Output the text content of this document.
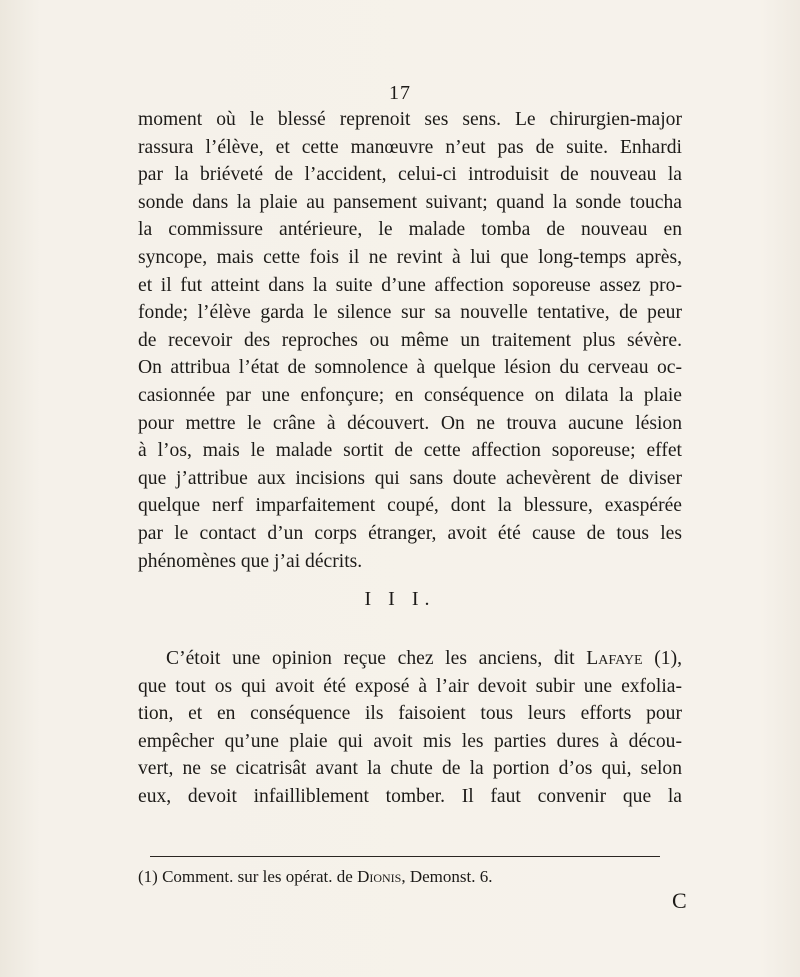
17
moment où le blessé reprenoit ses sens. Le chirurgien-major
rassura l’élève, et cette manœuvre n’eut pas de suite. Enhardi
par la briéveté de l’accident, celui-ci introduisit de nouveau la
sonde dans la plaie au pansement suivant; quand la sonde toucha
la commissure antérieure, le malade tomba de nouveau en
syncope, mais cette fois il ne revint à lui que long-temps après,
et il fut atteint dans la suite d’une affection soporeuse assez pro-
fonde; l’élève garda le silence sur sa nouvelle tentative, de peur
de recevoir des reproches ou même un traitement plus sévère.
On attribua l’état de somnolence à quelque lésion du cerveau oc-
casionnée par une enfonçure; en conséquence on dilata la plaie
pour mettre le crâne à découvert. On ne trouva aucune lésion
à l’os, mais le malade sortit de cette affection soporeuse; effet
que j’attribue aux incisions qui sans doute achevèrent de diviser
quelque nerf imparfaitement coupé, dont la blessure, exaspérée
par le contact d’un corps étranger, avoit été cause de tous les
phénomènes que j’ai décrits.
I I I.
C’étoit une opinion reçue chez les anciens, dit Lafaye (1),
que tout os qui avoit été exposé à l’air devoit subir une exfolia-
tion, et en conséquence ils faisoient tous leurs efforts pour
empêcher qu’une plaie qui avoit mis les parties dures à décou-
vert, ne se cicatrisât avant la chute de la portion d’os qui, selon
eux, devoit infailliblement tomber. Il faut convenir que la
(1) Comment. sur les opérat. de Dionis, Demonst. 6.
C
